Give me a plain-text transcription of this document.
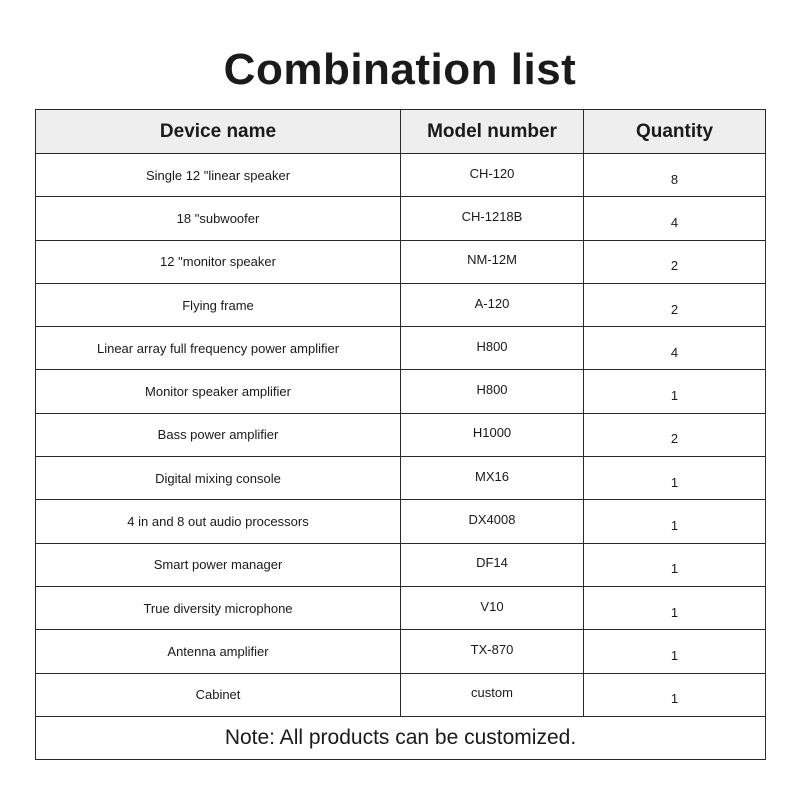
Combination list
Device name	Model number	Quantity
Single 12 "linear speaker	CH-120	8
18 "subwoofer	CH-1218B	4
12 "monitor speaker	NM-12M	2
Flying frame	A-120	2
Linear array full frequency power amplifier	H800	4
Monitor speaker amplifier	H800	1
Bass power amplifier	H1000	2
Digital mixing console	MX16	1
4 in and 8 out audio processors	DX4008	1
Smart power manager	DF14	1
True diversity microphone	V10	1
Antenna amplifier	TX-870	1
Cabinet	custom	1
Note: All products can be customized.		
